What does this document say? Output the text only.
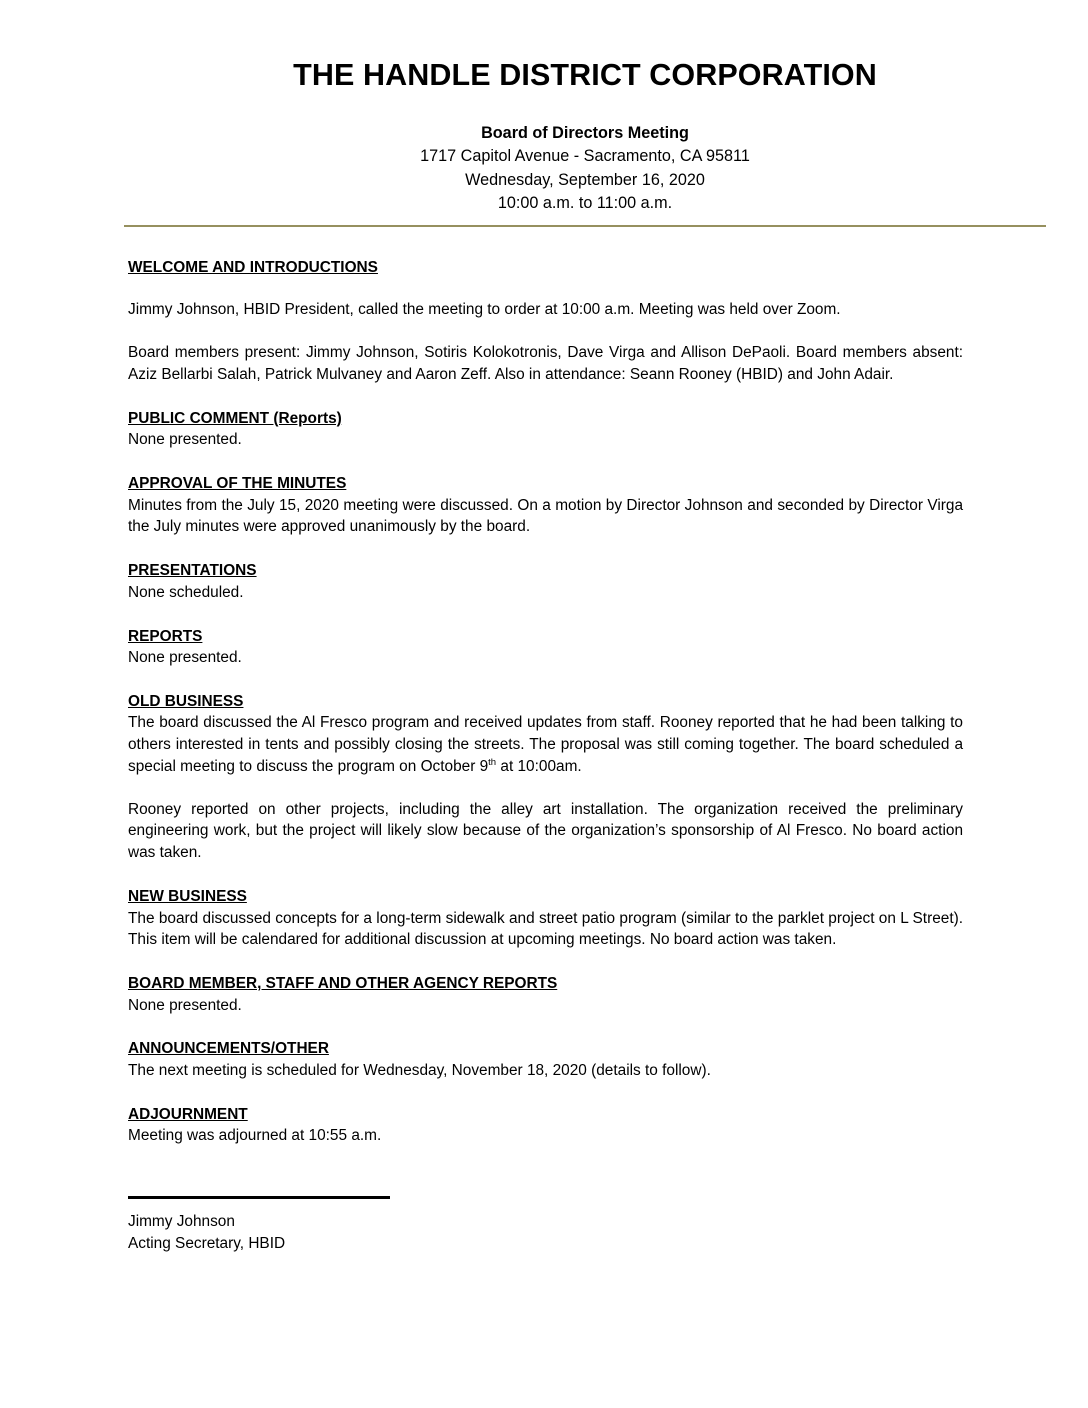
THE HANDLE DISTRICT CORPORATION

Board of Directors Meeting

1717 Capitol Avenue - Sacramento, CA 95811

Wednesday, September 16, 2020

10:00 a.m. to 11:00 a.m.

WELCOME AND INTRODUCTIONS

Jimmy Johnson, HBID President, called the meeting to order at 10:00 a.m. Meeting was held over Zoom.

Board members present: Jimmy Johnson, Sotiris Kolokotronis, Dave Virga and Allison DePaoli. Board members absent: Aziz Bellarbi Salah, Patrick Mulvaney and Aaron Zeff. Also in attendance: Seann Rooney (HBID) and John Adair.

PUBLIC COMMENT (Reports)

None presented.

APPROVAL OF THE MINUTES

Minutes from the July 15, 2020 meeting were discussed. On a motion by Director Johnson and seconded by Director Virga the July minutes were approved unanimously by the board.

PRESENTATIONS

None scheduled.

REPORTS

None presented.

OLD BUSINESS

The board discussed the Al Fresco program and received updates from staff. Rooney reported that he had been talking to others interested in tents and possibly closing the streets. The proposal was still coming together. The board scheduled a special meeting to discuss the program on October 9th at 10:00am.

Rooney reported on other projects, including the alley art installation. The organization received the preliminary engineering work, but the project will likely slow because of the organization’s sponsorship of Al Fresco. No board action was taken.

NEW BUSINESS

The board discussed concepts for a long-term sidewalk and street patio program (similar to the parklet project on L Street). This item will be calendared for additional discussion at upcoming meetings. No board action was taken.

BOARD MEMBER, STAFF AND OTHER AGENCY REPORTS

None presented.

ANNOUNCEMENTS/OTHER

The next meeting is scheduled for Wednesday, November 18, 2020 (details to follow).

ADJOURNMENT

Meeting was adjourned at 10:55 a.m.

Jimmy Johnson

Acting Secretary, HBID
